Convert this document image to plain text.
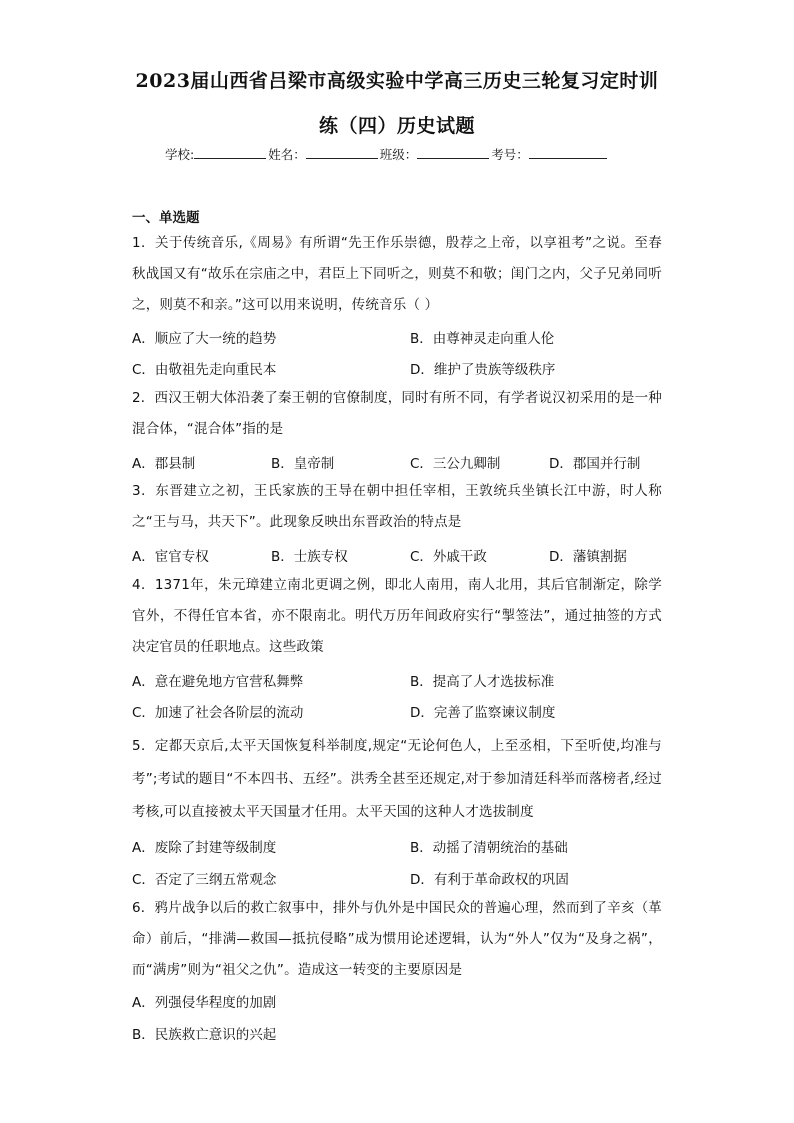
2023届山西省吕梁市高级实验中学高三历史三轮复习定时训
练（四）历史试题
学校:	姓名：	班级：	考号：
一、单选题
1．关于传统音乐,《周易》有所谓“先王作乐崇德，殷荐之上帝，以享祖考”之说。至春秋战国又有“故乐在宗庙之中，君臣上下同听之，则莫不和敬；闺门之内，父子兄弟同听之，则莫不和亲。”这可以用来说明，传统音乐（ ）
A．顺应了大一统的趋势	B．由尊神灵走向重人伦
C．由敬祖先走向重民本	D．维护了贵族等级秩序
2．西汉王朝大体沿袭了秦王朝的官僚制度，同时有所不同，有学者说汉初采用的是一种混合体，“混合体”指的是
A．郡县制	B．皇帝制	C．三公九卿制	D．郡国并行制
3．东晋建立之初，王氏家族的王导在朝中担任宰相，王敦统兵坐镇长江中游，时人称之“王与马，共天下”。此现象反映出东晋政治的特点是
A．宦官专权	B．士族专权	C．外戚干政	D．藩镇割据
4．1371年，朱元璋建立南北更调之例，即北人南用，南人北用，其后官制渐定，除学官外，不得任官本省，亦不限南北。明代万历年间政府实行“掣签法”，通过抽签的方式决定官员的任职地点。这些政策
A．意在避免地方官营私舞弊	B．提高了人才选拔标准
C．加速了社会各阶层的流动	D．完善了监察谏议制度
5．定都天京后,太平天国恢复科举制度,规定“无论何色人，上至丞相，下至听使,均准与考”;考试的题目“不本四书、五经”。洪秀全甚至还规定,对于参加清廷科举而落榜者,经过考核,可以直接被太平天国量才任用。太平天国的这种人才选拔制度
A．废除了封建等级制度	B．动摇了清朝统治的基础
C．否定了三纲五常观念	D．有利于革命政权的巩固
6．鸦片战争以后的救亡叙事中，排外与仇外是中国民众的普遍心理，然而到了辛亥（革命）前后，“排满—救国—抵抗侵略”成为惯用论述逻辑，认为“外人”仅为“及身之祸”，而“满虏”则为“祖父之仇”。造成这一转变的主要原因是
A．列强侵华程度的加剧
B．民族救亡意识的兴起
